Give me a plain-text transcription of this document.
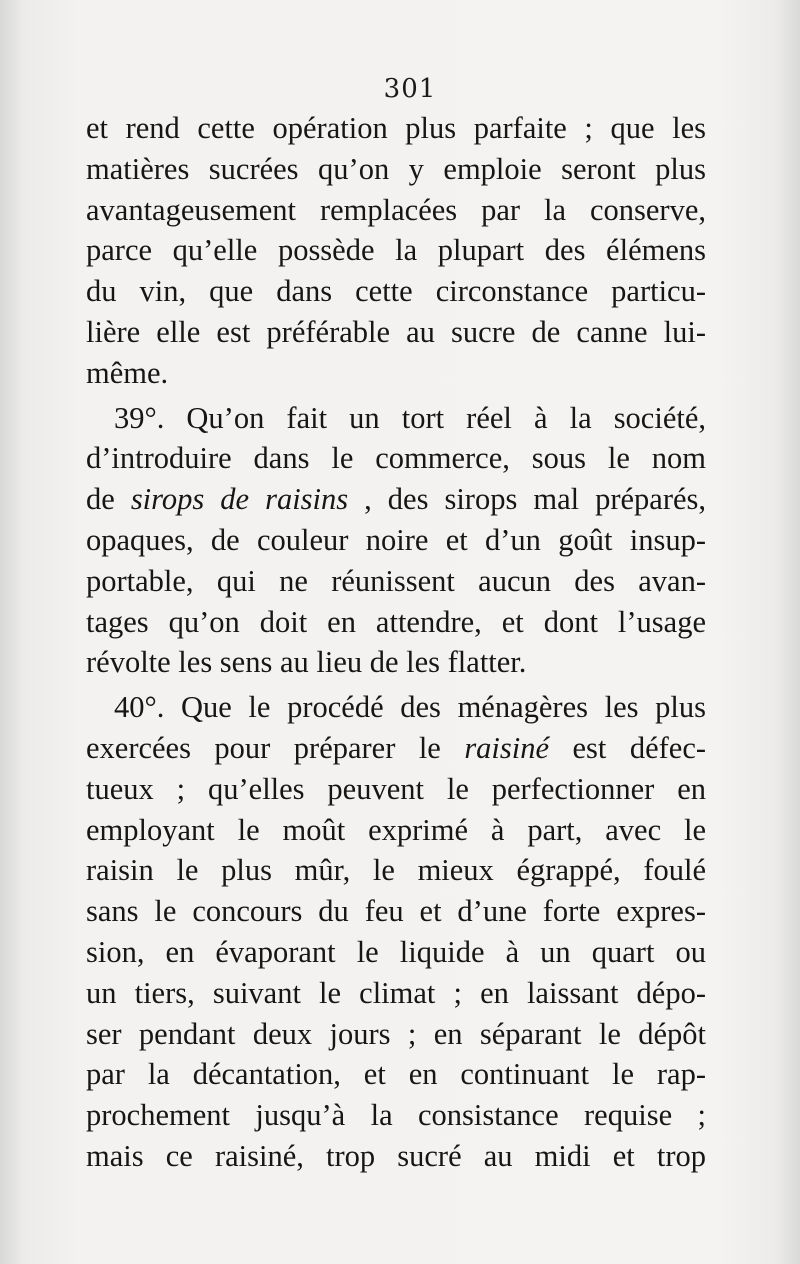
301
et rend cette opération plus parfaite ; que les
matières sucrées qu’on y emploie seront plus
avantageusement remplacées par la conserve,
parce qu’elle possède la plupart des élémens
du vin, que dans cette circonstance particu-
lière elle est préférable au sucre de canne lui-
même.
39°. Qu’on fait un tort réel à la société,
d’introduire dans le commerce, sous le nom
de sirops de raisins , des sirops mal préparés,
opaques, de couleur noire et d’un goût insup-
portable, qui ne réunissent aucun des avan-
tages qu’on doit en attendre, et dont l’usage
révolte les sens au lieu de les flatter.
40°. Que le procédé des ménagères les plus
exercées pour préparer le raisiné est défec-
tueux ; qu’elles peuvent le perfectionner en
employant le moût exprimé à part, avec le
raisin le plus mûr, le mieux égrappé, foulé
sans le concours du feu et d’une forte expres-
sion, en évaporant le liquide à un quart ou
un tiers, suivant le climat ; en laissant dépo-
ser pendant deux jours ; en séparant le dépôt
par la décantation, et en continuant le rap-
prochement jusqu’à la consistance requise ;
mais ce raisiné, trop sucré au midi et trop
